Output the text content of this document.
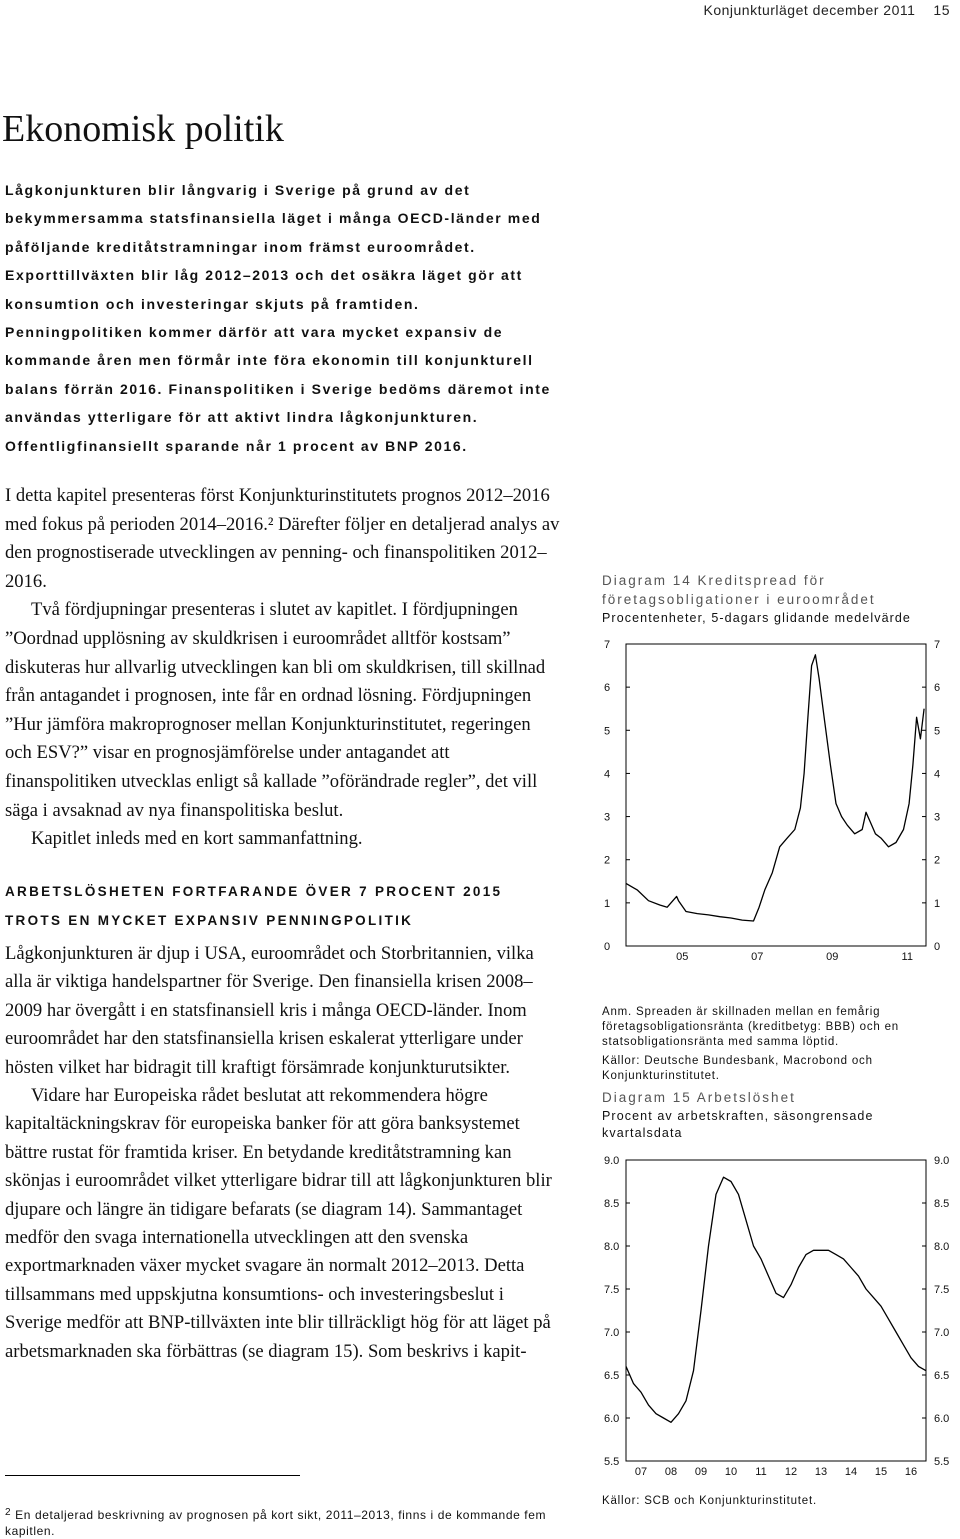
Konjunkturläget december 2011 15
Ekonomisk politik

Lågkonjunkturen blir långvarig i Sverige på grund av det bekymmersamma statsfinansiella läget i många OECD-länder med påföljande kreditåtstramningar inom främst euroområdet. Exporttillväxten blir låg 2012–2013 och det osäkra läget gör att konsumtion och investeringar skjuts på framtiden. Penningpolitiken kommer därför att vara mycket expansiv de kommande åren men förmår inte föra ekonomin till konjunkturell balans förrän 2016. Finanspolitiken i Sverige bedöms däremot inte användas ytterligare för att aktivt lindra lågkonjunkturen. Offentligfinansiellt sparande når 1 procent av BNP 2016.

I detta kapitel presenteras först Konjunkturinstitutets prognos 2012–2016 med fokus på perioden 2014–2016.² Därefter följer en detaljerad analys av den prognostiserade utvecklingen av penning- och finanspolitiken 2012–2016.

Två fördjupningar presenteras i slutet av kapitlet. I fördjupningen ”Oordnad upplösning av skuldkrisen i euroområdet alltför kostsam” diskuteras hur allvarlig utvecklingen kan bli om skuldkrisen, till skillnad från antagandet i prognosen, inte får en ordnad lösning. Fördjupningen ”Hur jämföra makroprognoser mellan Konjunkturinstitutet, regeringen och ESV?” visar en prognosjämförelse under antagandet att finanspolitiken utvecklas enligt så kallade ”oförändrade regler”, det vill säga i avsaknad av nya finanspolitiska beslut.

Kapitlet inleds med en kort sammanfattning.

ARBETSLÖSHETEN FORTFARANDE ÖVER 7 PROCENT 2015
TROTS EN MYCKET EXPANSIV PENNINGPOLITIK

Lågkonjunkturen är djup i USA, euroområdet och Storbritannien, vilka alla är viktiga handelspartner för Sverige. Den finansiella krisen 2008–2009 har övergått i en statsfinansiell kris i många OECD-länder. Inom euroområdet har den statsfinansiella krisen eskalerat ytterligare under hösten vilket har bidragit till kraftigt försämrade konjunkturutsikter.

Vidare har Europeiska rådet beslutat att rekommendera högre kapitaltäckningskrav för europeiska banker för att göra banksystemet bättre rustat för framtida kriser. En betydande kreditåtstramning kan skönjas i euroområdet vilket ytterligare bidrar till att lågkonjunkturen blir djupare och längre än tidigare befarats (se diagram 14). Sammantaget medför den svaga internationella utvecklingen att den svenska exportmarknaden växer mycket svagare än normalt 2012–2013. Detta tillsammans med uppskjutna konsumtions- och investeringsbeslut i Sverige medför att BNP-tillväxten inte blir tillräckligt hög för att läget på arbetsmarknaden ska förbättras (se diagram 15). Som beskrivs i kapit-

$^2$ En detaljerad beskrivning av prognosen på kort sikt, 2011–2013, finns i de kommande fem kapitlen.
Diagram 14 Kreditspread för företagsobligationer i euroområdet
Procentenheter, 5-dagars glidande medelvärde
0	0
1	1
2	2
3	3
4	4
5	5
6	6
7	7
05	07	09	11
Anm. Spreaden är skillnaden mellan en femårig företagsobligationsränta (kreditbetyg: BBB) och en statsobligationsränta med samma löptid.
Källor: Deutsche Bundesbank, Macrobond och Konjunkturinstitutet.
Diagram 15 Arbetslöshet
Procent av arbetskraften, säsongrensade kvartalsdata
5.5	5.5
6.0	6.0
6.5	6.5
7.0	7.0
7.5	7.5
8.0	8.0
8.5	8.5
9.0	9.0
07 08 09 10 11 12 13 14 15 16
Källor: SCB och Konjunkturinstitutet.
